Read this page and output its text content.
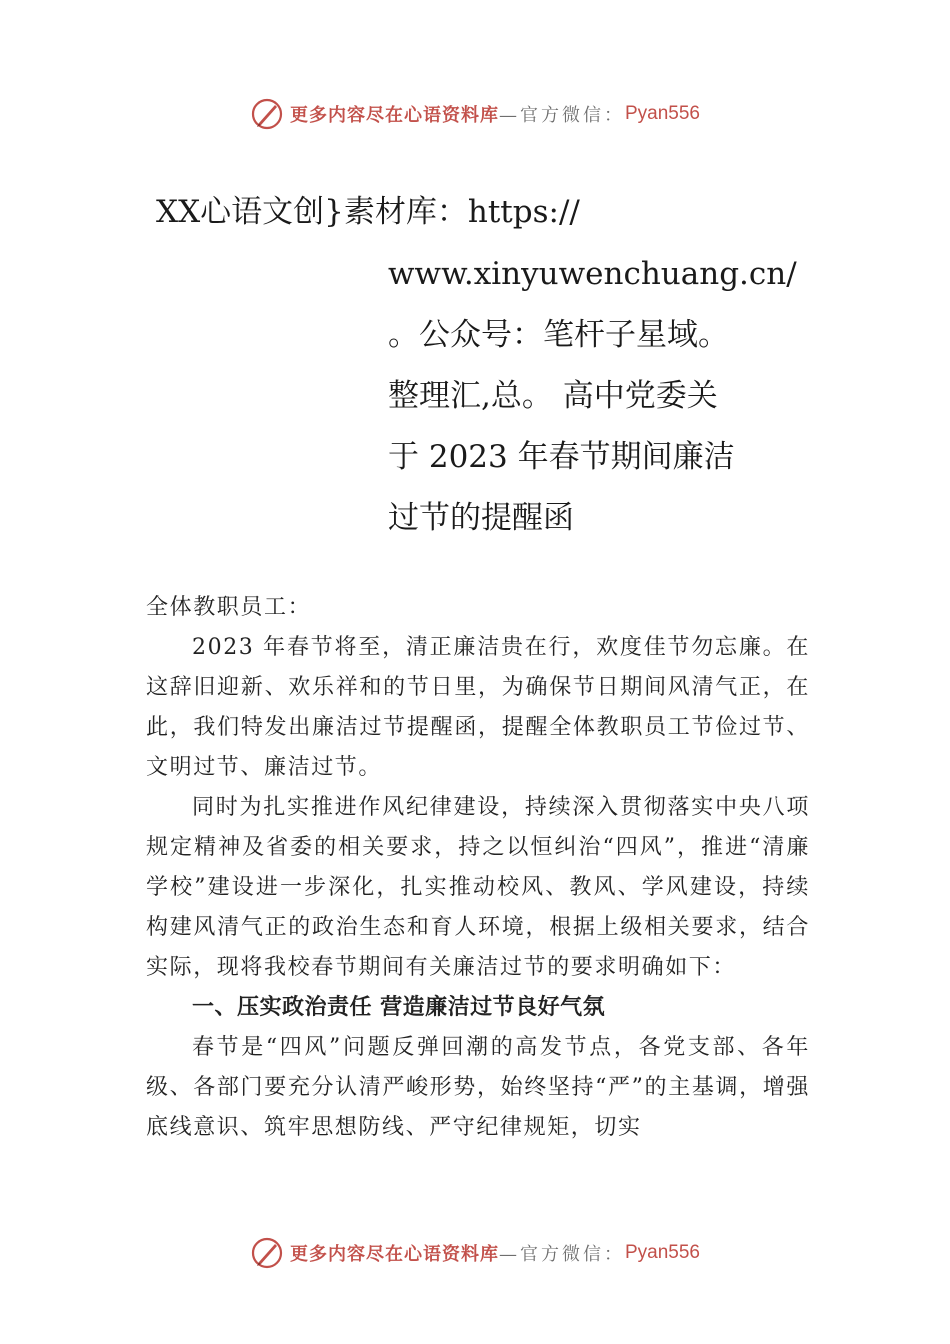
更多内容尽在心语资料库 —官方微信： Pyan556
XX心语文创}素材库：https://
www.xinyuwenchuang.cn/
。公众号：笔杆子星域。
整理汇,总。 高中党委关
于 2023 年春节期间廉洁
过节的提醒函

全体教职员工：

2023 年春节将至，清正廉洁贵在行，欢度佳节勿忘廉。在这辞旧迎新、欢乐祥和的节日里，为确保节日期间风清气正，在此，我们特发出廉洁过节提醒函，提醒全体教职员工节俭过节、文明过节、廉洁过节。

同时为扎实推进作风纪律建设，持续深入贯彻落实中央八项规定精神及省委的相关要求，持之以恒纠治“四风”，推进“清廉学校”建设进一步深化，扎实推动校风、教风、学风建设，持续构建风清气正的政治生态和育人环境，根据上级相关要求，结合实际，现将我校春节期间有关廉洁过节的要求明确如下：

一、压实政治责任 营造廉洁过节良好气氛

春节是“四风”问题反弹回潮的高发节点，各党支部、各年级、各部门要充分认清严峻形势，始终坚持“严”的主基调，增强底线意识、筑牢思想防线、严守纪律规矩，切实

更多内容尽在心语资料库 —官方微信： Pyan556
